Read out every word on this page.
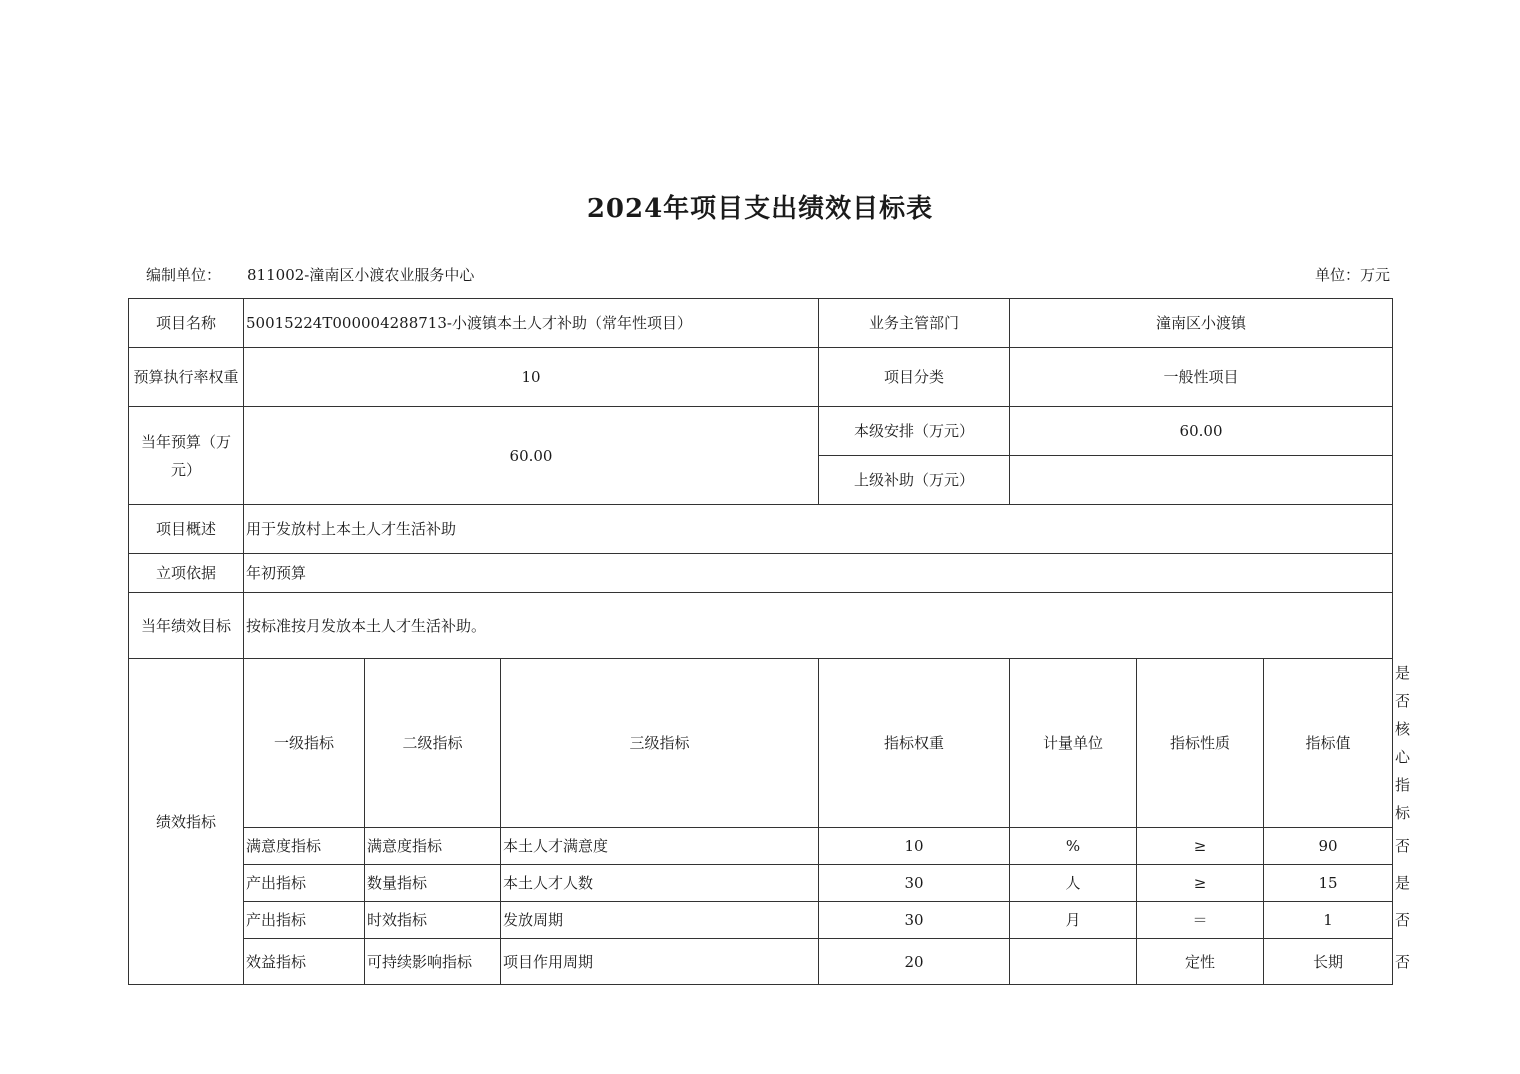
2024年项目支出绩效目标表
编制单位： 811002-潼南区小渡农业服务中心	单位：万元
项目名称	50015224T000004288713-小渡镇本土人才补助（常年性项目）			业务主管部门	潼南区小渡镇			
预算执行率权重	10			项目分类	一般性项目			
当年预算（万元）	60.00			本级安排（万元）	60.00			
				上级补助（万元）				
项目概述	用于发放村上本土人才生活补助							
立项依据	年初预算							
当年绩效目标	按标准按月发放本土人才生活补助。							
绩效指标	一级指标	二级指标	三级指标	指标权重	计量单位	指标性质	指标值	是否核心指标
	满意度指标	满意度指标	本土人才满意度	10	%	≥	90	否
	产出指标	数量指标	本土人才人数	30	人	≥	15	是
	产出指标	时效指标	发放周期	30	月	＝	1	否
	效益指标	可持续影响指标	项目作用周期	20		定性	长期	否
